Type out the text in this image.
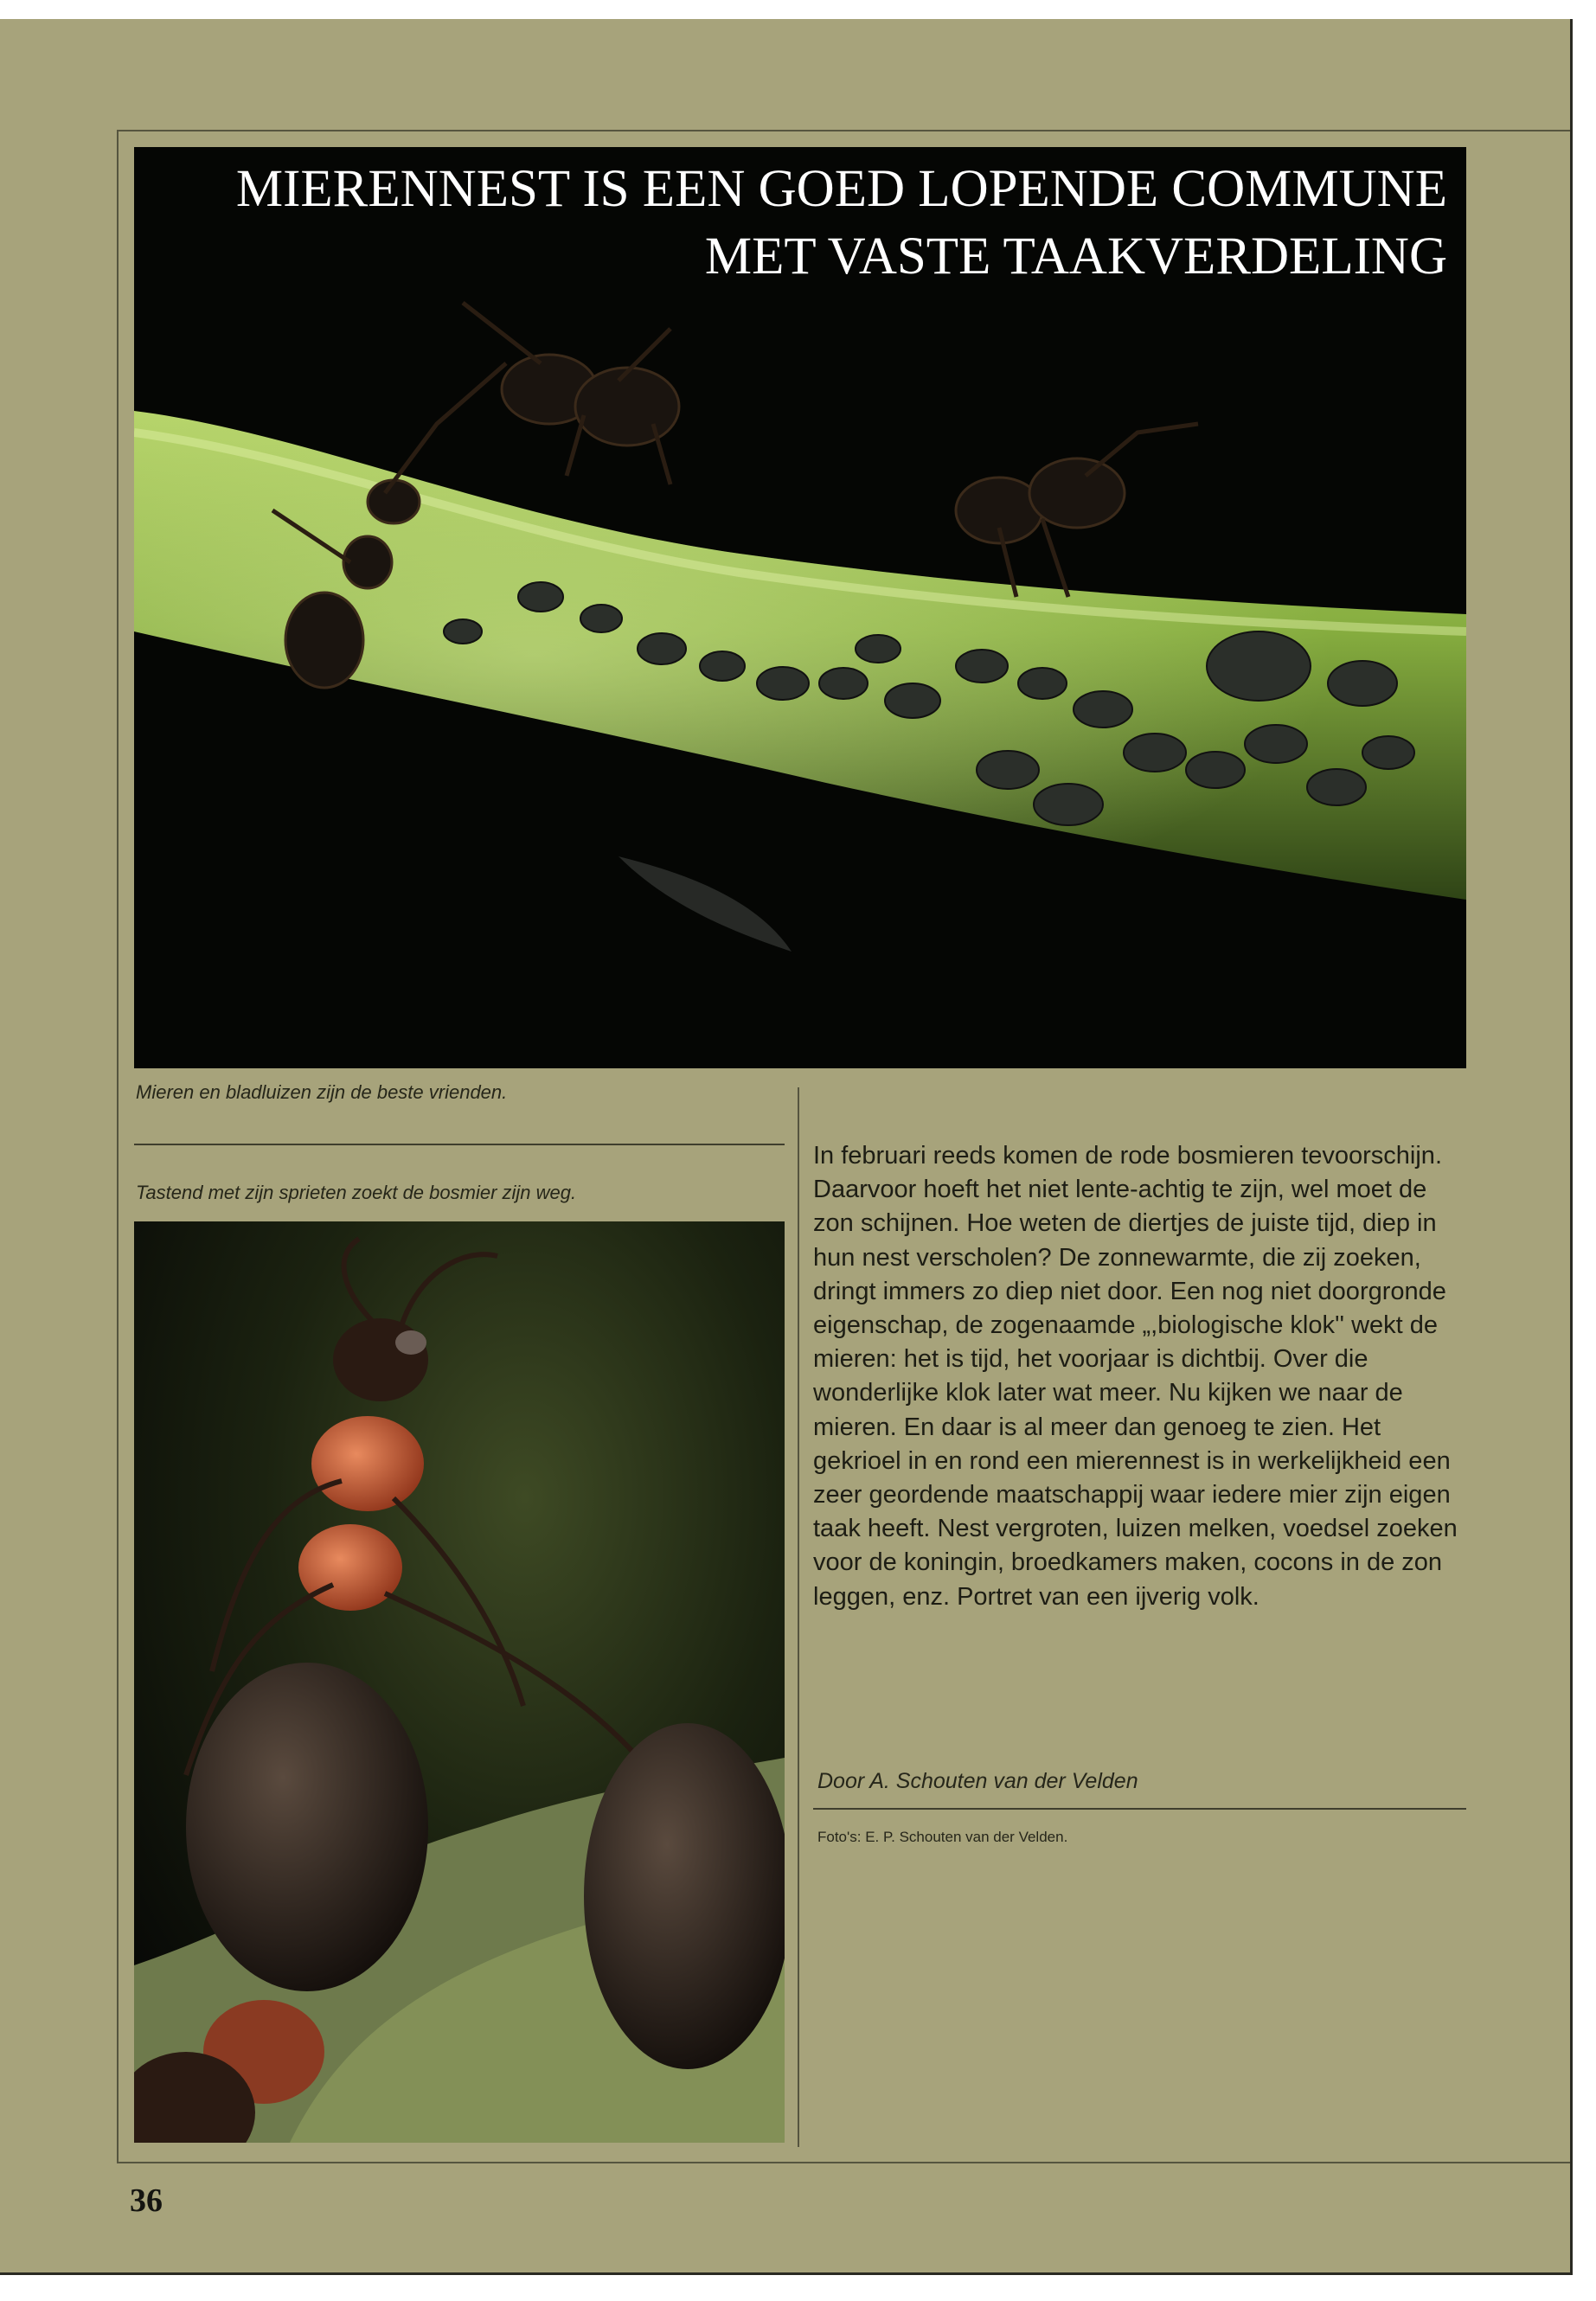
MIERENNEST IS EEN GOED LOPENDE COMMUNE
MET VASTE TAAKVERDELING
Mieren en bladluizen zijn de beste vrienden.
Tastend met zijn sprieten zoekt de bosmier zijn weg.

In februari reeds komen de rode bosmieren tevoorschijn. Daarvoor hoeft het niet lente-achtig te zijn, wel moet de zon schijnen. Hoe weten de diertjes de juiste tijd, diep in hun nest verscholen? De zonnewarmte, die zij zoeken, dringt immers zo diep niet door. Een nog niet doorgronde eigenschap, de zogenaamde „,biologische klok'' wekt de mieren: het is tijd, het voorjaar is dichtbij. Over die wonderlijke klok later wat meer. Nu kijken we naar de mieren. En daar is al meer dan genoeg te zien. Het gekrioel in en rond een mierennest is in werkelijkheid een zeer geordende maatschappij waar iedere mier zijn eigen taak heeft. Nest vergroten, luizen melken, voedsel zoeken voor de koningin, broedkamers maken, cocons in de zon leggen, enz. Portret van een ijverig volk.

Door A. Schouten van der Velden
Foto's: E. P. Schouten van der Velden.
36
